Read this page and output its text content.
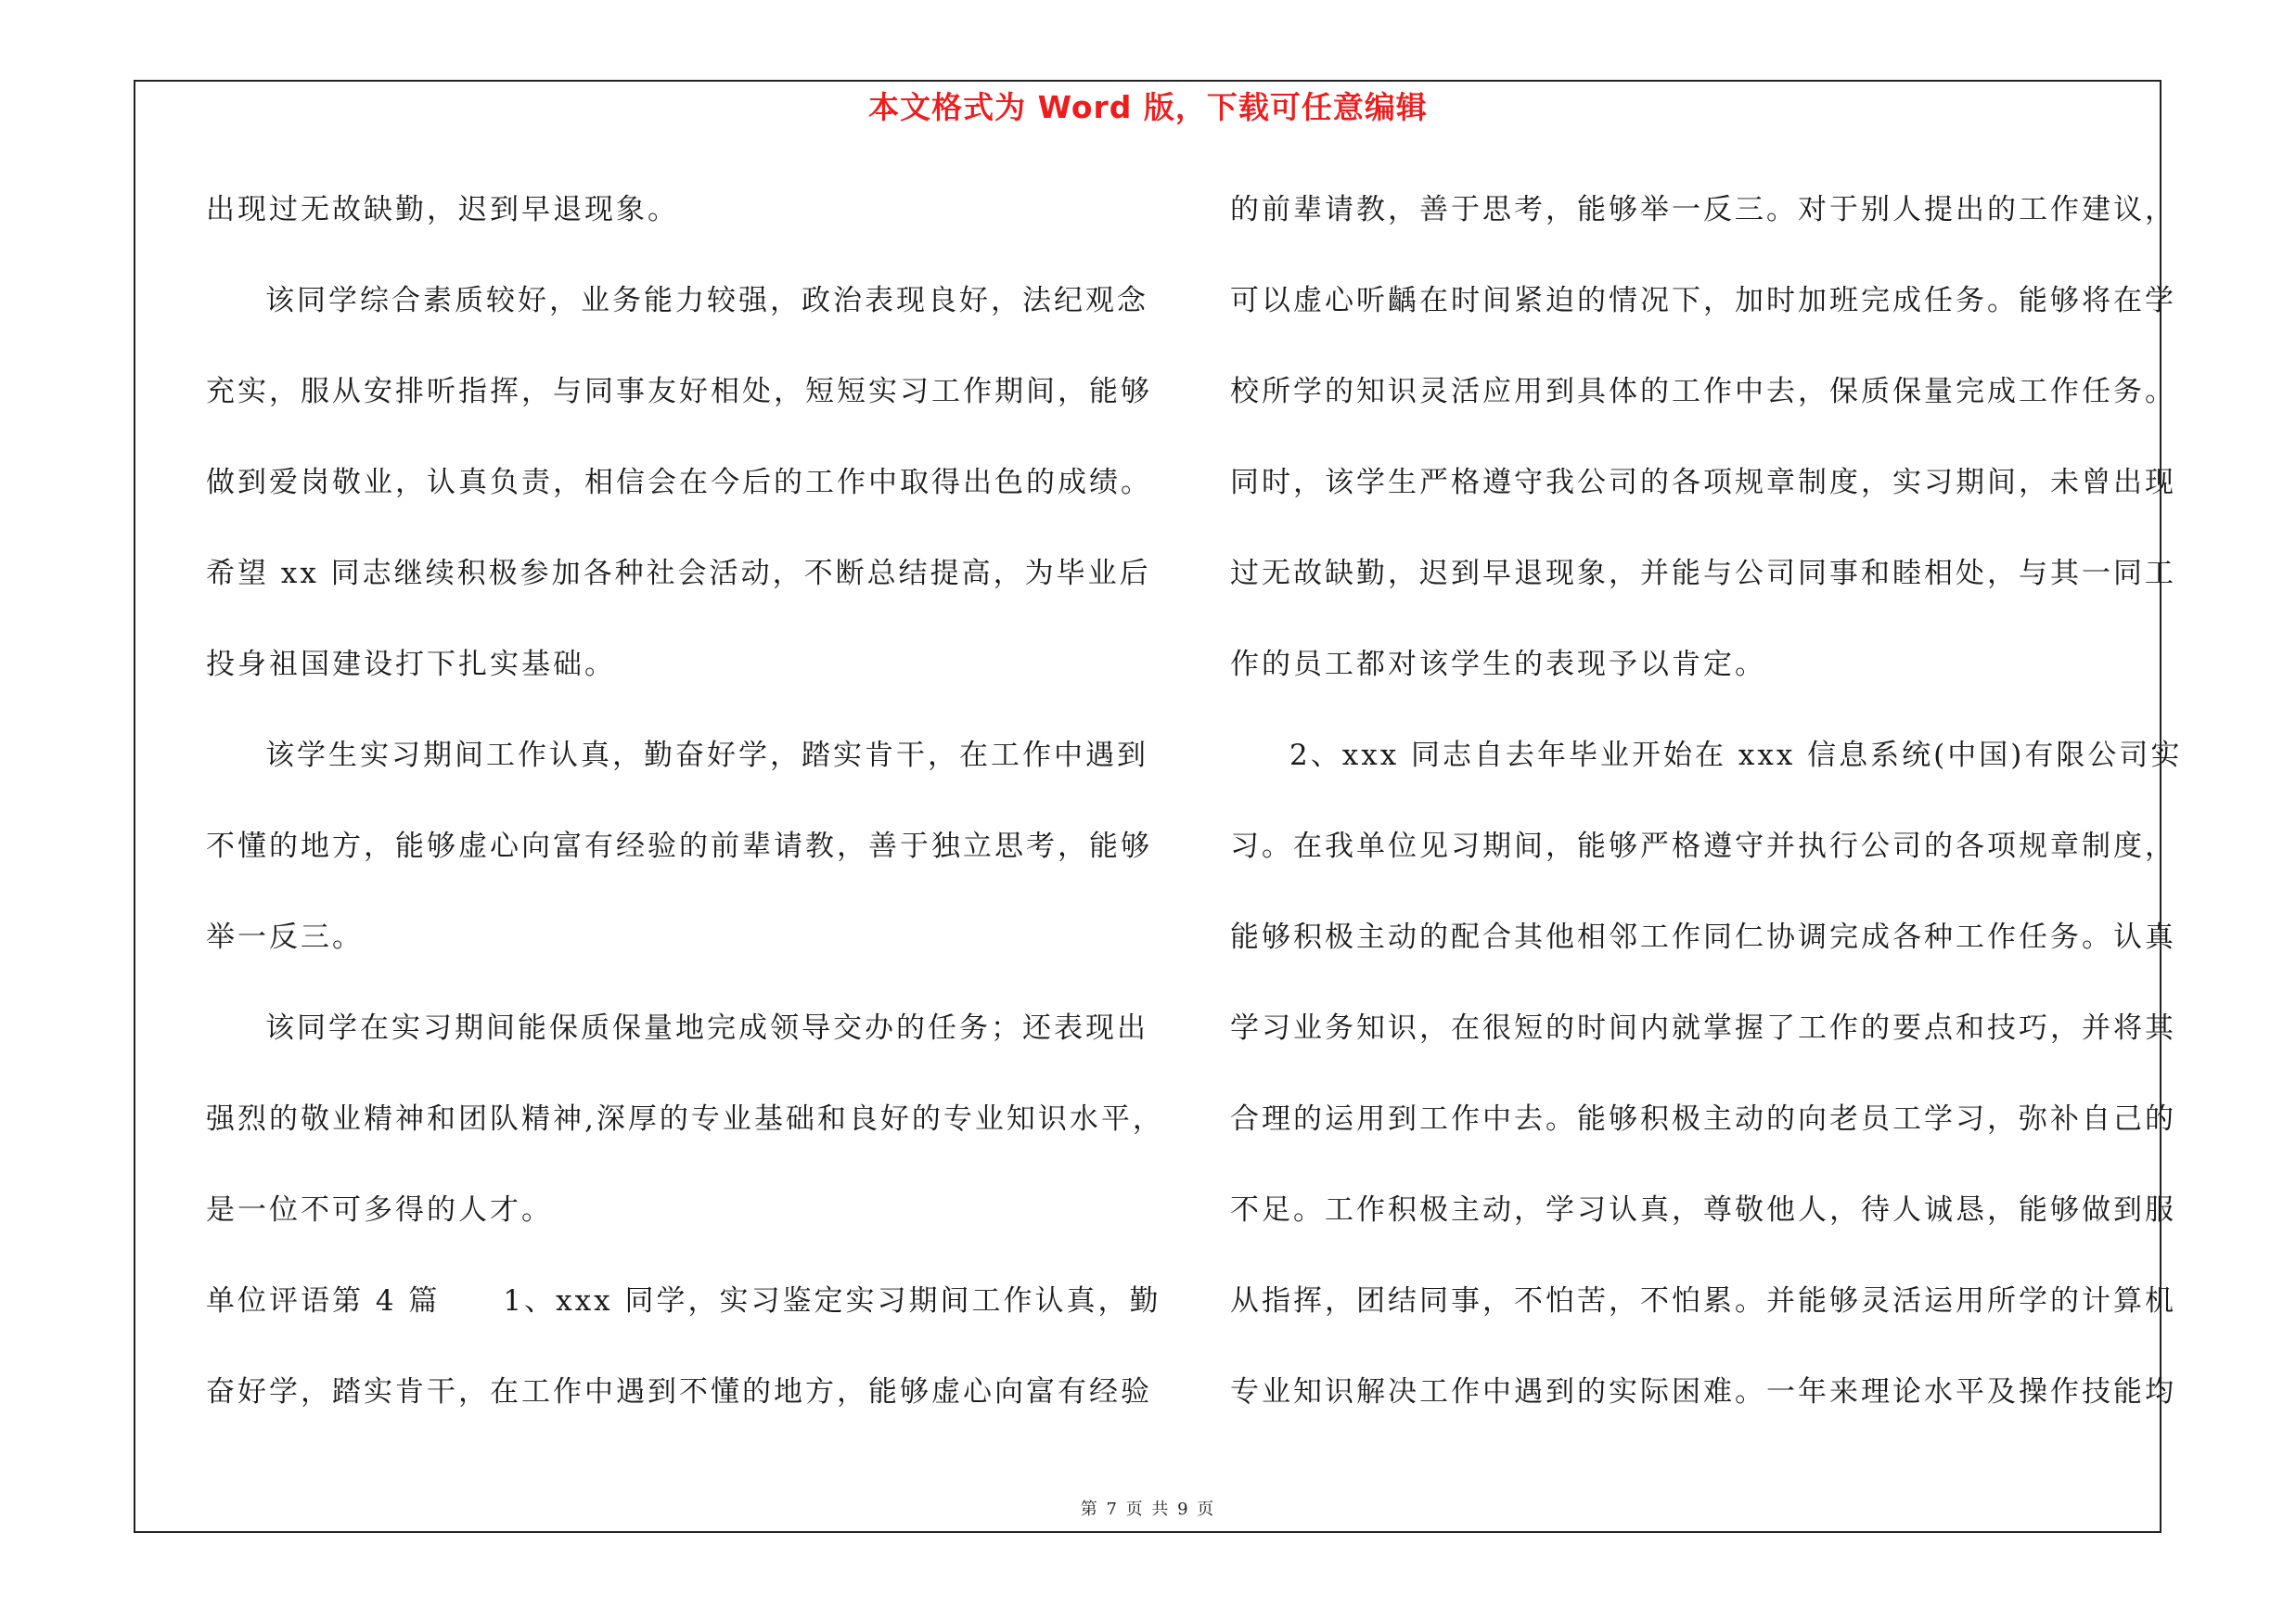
本文格式为 Word 版，下载可任意编辑
出现过无故缺勤，迟到早退现象。
该同学综合素质较好，业务能力较强，政治表现良好，法纪观念
充实，服从安排听指挥，与同事友好相处，短短实习工作期间，能够
做到爱岗敬业，认真负责，相信会在今后的工作中取得出色的成绩。
希望 xx 同志继续积极参加各种社会活动，不断总结提高，为毕业后
投身祖国建设打下扎实基础。
该学生实习期间工作认真，勤奋好学，踏实肯干，在工作中遇到
不懂的地方，能够虚心向富有经验的前辈请教，善于独立思考，能够
举一反三。
该同学在实习期间能保质保量地完成领导交办的任务；还表现出
强烈的敬业精神和团队精神,深厚的专业基础和良好的专业知识水平，
是一位不可多得的人才。
单位评语第 4 篇　　1、xxx 同学，实习鉴定实习期间工作认真，勤
奋好学，踏实肯干，在工作中遇到不懂的地方，能够虚心向富有经验
的前辈请教，善于思考，能够举一反三。对于别人提出的工作建议，
可以虚心听齲在时间紧迫的情况下，加时加班完成任务。能够将在学
校所学的知识灵活应用到具体的工作中去，保质保量完成工作任务。
同时，该学生严格遵守我公司的各项规章制度，实习期间，未曾出现
过无故缺勤，迟到早退现象，并能与公司同事和睦相处，与其一同工
作的员工都对该学生的表现予以肯定。
2、xxx 同志自去年毕业开始在 xxx 信息系统(中国)有限公司实
习。在我单位见习期间，能够严格遵守并执行公司的各项规章制度，
能够积极主动的配合其他相邻工作同仁协调完成各种工作任务。认真
学习业务知识，在很短的时间内就掌握了工作的要点和技巧，并将其
合理的运用到工作中去。能够积极主动的向老员工学习，弥补自己的
不足。工作积极主动，学习认真，尊敬他人，待人诚恳，能够做到服
从指挥，团结同事，不怕苦，不怕累。并能够灵活运用所学的计算机
专业知识解决工作中遇到的实际困难。一年来理论水平及操作技能均
第 7 页 共 9 页
